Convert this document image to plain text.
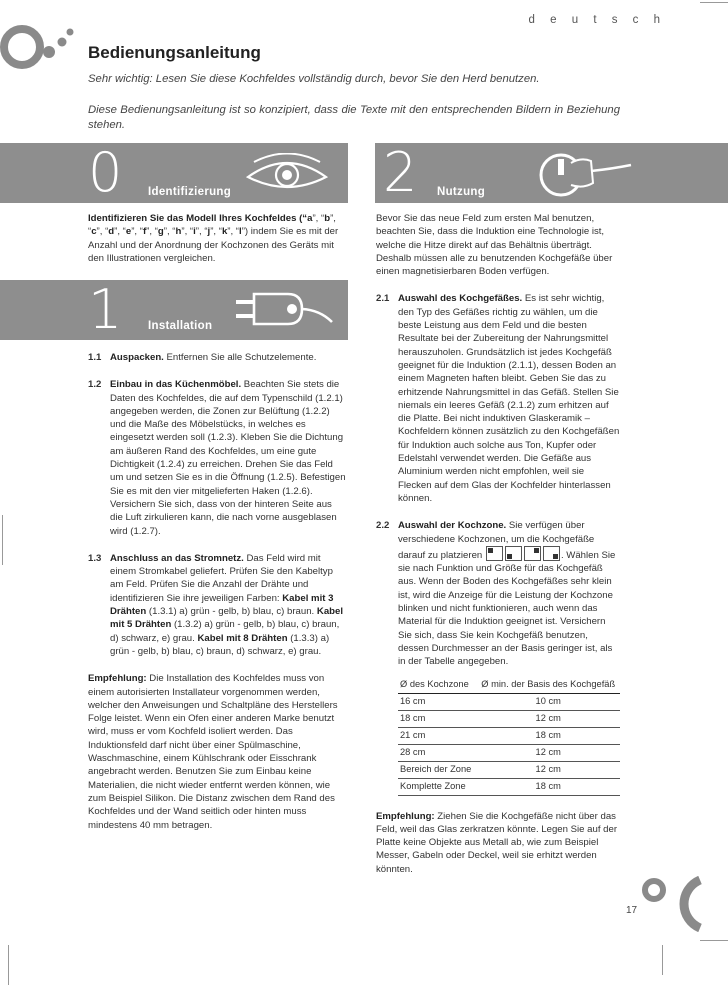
d e u t s c h
Bedienungsanleitung

Sehr wichtig: Lesen Sie diese Kochfeldes vollständig durch, bevor Sie den Herd benutzen.

Diese Bedienungsanleitung ist so konzipiert, dass die Texte mit den entsprechenden Bildern in Beziehung stehen.

0 Identifizierung	2 Nutzung

Identifizieren Sie das Modell Ihres Kochfeldes (“a”, “b”, “c”, “d”, “e”, “f”, “g”, “h”, “i”, “j”, “k”, “l”) indem Sie es mit der Anzahl und der Anordnung der Kochzonen des Geräts mit den Illustrationen vergleichen.

1 Installation
1.1 Auspacken. Entfernen Sie alle Schutzelemente.
1.2 Einbau in das Küchenmöbel. Beachten Sie stets die Daten des Kochfeldes, die auf dem Typenschild (1.2.1) angegeben werden, die Zonen zur Belüftung (1.2.2) und die Maße des Möbelstücks, in welches es eingesetzt werden soll (1.2.3). Kleben Sie die Dichtung am äußeren Rand des Kochfeldes, um eine gute Dichtigkeit (1.2.4) zu erreichen. Drehen Sie das Feld um und setzen Sie es in die Öffnung (1.2.5). Befestigen Sie es mit den vier mitgelieferten Haken (1.2.6). Versichern Sie sich, dass von der hinteren Seite aus die Luft zirkulieren kann, die nach vorne ausgeblasen wird (1.2.7).
1.3 Anschluss an das Stromnetz. Das Feld wird mit einem Stromkabel geliefert. Prüfen Sie den Kabeltyp am Feld. Prüfen Sie die Anzahl der Drähte und identifizieren Sie ihre jeweiligen Farben: Kabel mit 3 Drähten (1.3.1) a) grün - gelb, b) blau, c) braun. Kabel mit 5 Drähten (1.3.2) a) grün - gelb, b) blau, c) braun, d) schwarz, e) grau. Kabel mit 8 Drähten (1.3.3) a) grün - gelb, b) blau, c) braun, d) schwarz, e) grau.

Empfehlung: Die Installation des Kochfeldes muss von einem autorisierten Installateur vorgenommen werden, welcher den Anweisungen und Schaltpläne des Herstellers Folge leistet. Wenn ein Ofen einer anderen Marke benutzt wird, muss er vom Kochfeld isoliert werden. Das Induktionsfeld darf nicht über einer Spülmaschine, Waschmaschine, einem Kühlschrank oder Eisschrank angebracht werden. Benutzen Sie zum Einbau keine Materialien, die nicht wieder entfernt werden können, wie zum Beispiel Silikon. Die Distanz zwischen dem Rand des Kochfeldes und der Wand seitlich oder hinten muss mindestens 40 mm betragen.

Bevor Sie das neue Feld zum ersten Mal benutzen, beachten Sie, dass die Induktion eine Technologie ist, welche die Hitze direkt auf das Behältnis überträgt. Deshalb müssen alle zu benutzenden Kochgefäße über einen magnetisierbaren Boden verfügen.

2.1 Auswahl des Kochgefäßes. Es ist sehr wichtig, den Typ des Gefäßes richtig zu wählen, um die beste Leistung aus dem Feld und die besten Resultate bei der Zubereitung der Nahrungsmittel herauszuholen. Grundsätzlich ist jedes Kochgefäß geeignet für die Induktion (2.1.1), dessen Boden an einem Magneten haften bleibt. Geben Sie das zu erhitzende Nahrungsmittel in das Gefäß. Stellen Sie niemals ein leeres Gefäß (2.1.2) zum erhitzen auf die Platte. Bei nicht induktiven Glaskeramik – Kochfeldern können zusätzlich zu den Kochgefäßen für Induktion auch solche aus Ton, Kupfer oder Edelstahl verwendet werden. Die Gefäße aus Aluminium werden nicht empfohlen, weil sie Flecken auf dem Glas der Kochfelder hinterlassen können.
2.2 Auswahl der Kochzone. Sie verfügen über verschiedene Kochzonen, um die Kochgefäße darauf zu platzieren	. Wählen Sie sie nach Funktion und Größe für das Kochgefäß aus. Wenn der Boden des Kochgefäßes sehr klein ist, wird die Anzeige für die Leistung der Kochzone blinken und nicht funktionieren, auch wenn das Material für die Induktion geeignet ist. Versichern Sie sich, dass Sie kein Kochgefäß benutzen, dessen Durchmesser an der Basis geringer ist, als in der Tabelle angegeben.
Ø des Kochzone	Ø min. der Basis des Kochgefäß
16 cm	10 cm
18 cm	12 cm
21 cm	18 cm
28 cm	12 cm
Bereich der Zone	12 cm
Komplette Zone	18 cm

Empfehlung: Ziehen Sie die Kochgefäße nicht über das Feld, weil das Glas zerkratzen könnte. Legen Sie auf der Platte keine Objekte aus Metall ab, wie zum Beispiel Messer, Gabeln oder Deckel, weil sie erhitzt werden könnten.

17
